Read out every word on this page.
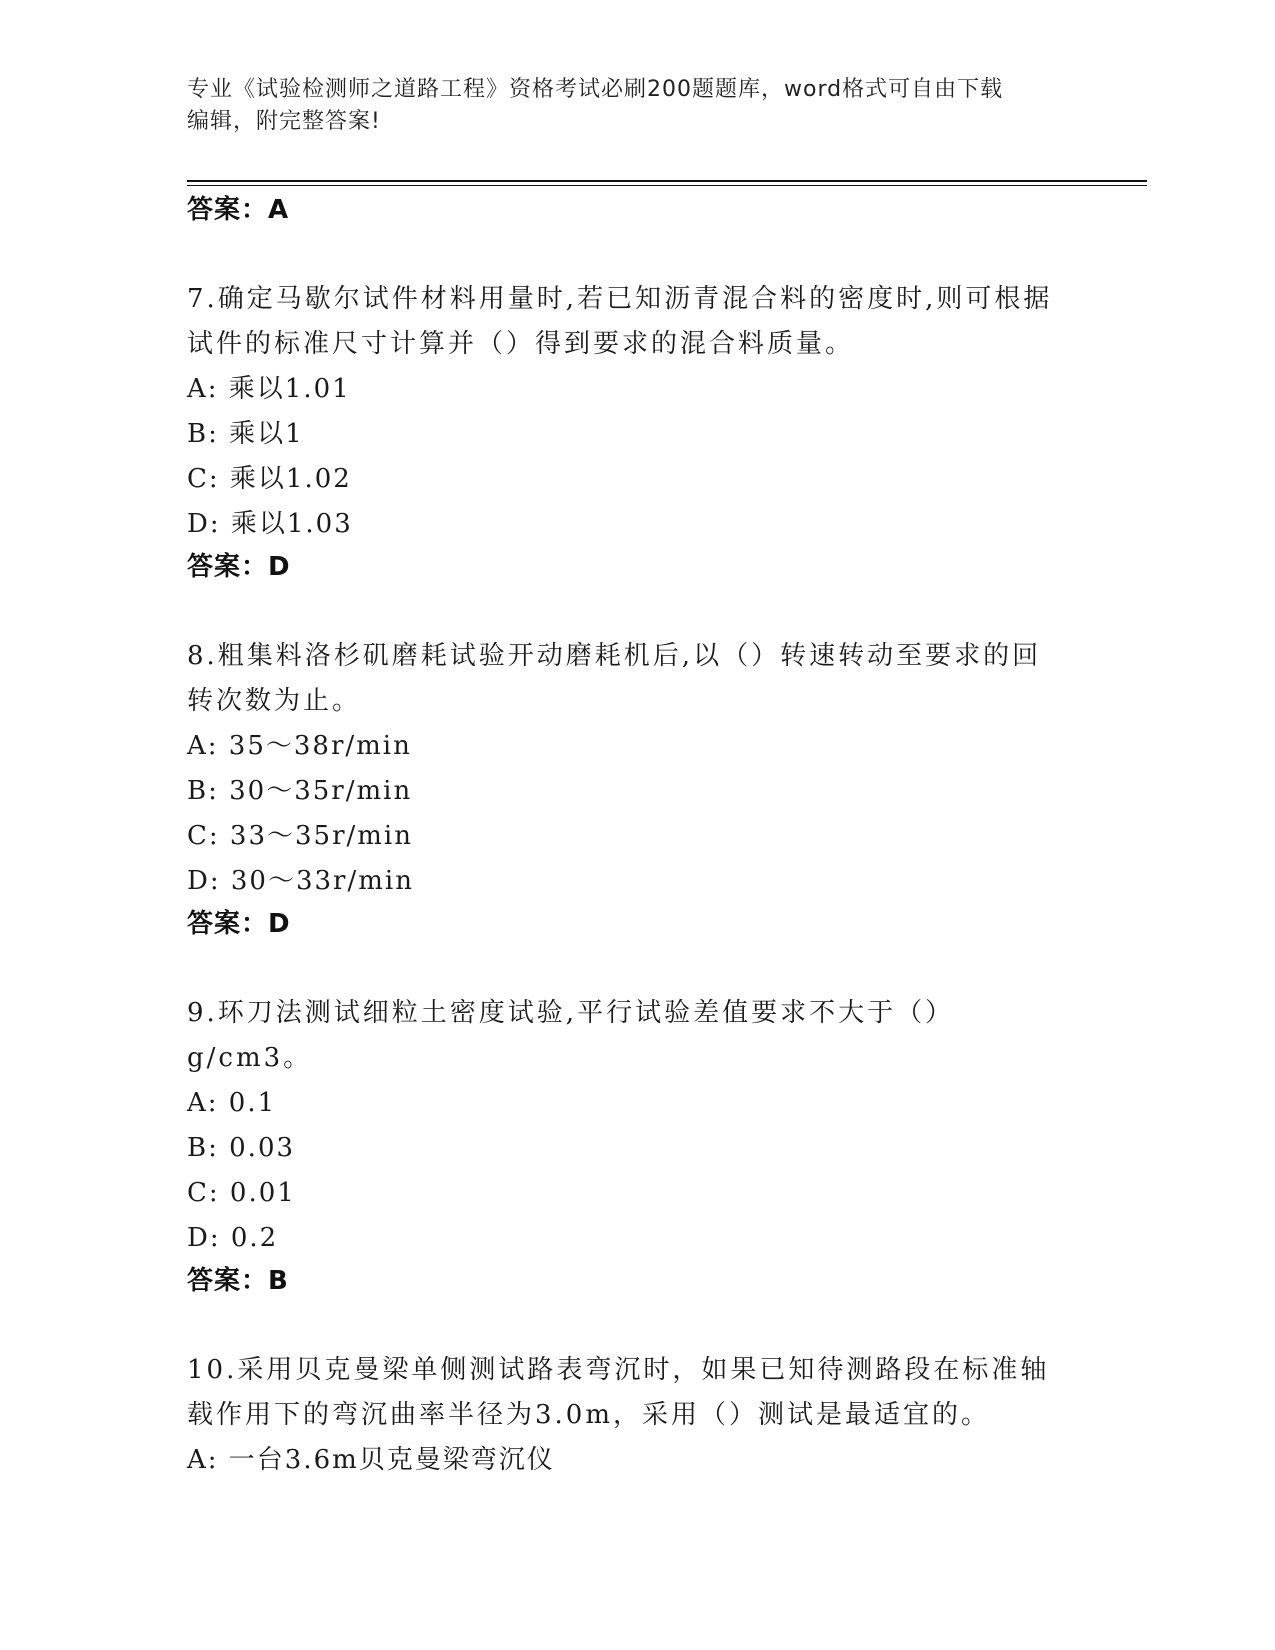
专业《试验检测师之道路工程》资格考试必刷200题题库，word格式可自由下载
编辑，附完整答案!

答案：A

7.确定马歇尔试件材料用量时,若已知沥青混合料的密度时,则可根据试件的标准尺寸计算并（）得到要求的混合料质量。

A: 乘以1.01

B: 乘以1

C: 乘以1.02

D: 乘以1.03

答案：D

8.粗集料洛杉矶磨耗试验开动磨耗机后,以（）转速转动至要求的回转次数为止。

A: 35～38r/min

B: 30～35r/min

C: 33～35r/min

D: 30～33r/min

答案：D

9.环刀法测试细粒土密度试验,平行试验差值要求不大于（）g/cm3。

A: 0.1

B: 0.03

C: 0.01

D: 0.2

答案：B

10.采用贝克曼梁单侧测试路表弯沉时，如果已知待测路段在标准轴载作用下的弯沉曲率半径为3.0m，采用（）测试是最适宜的。

A: 一台3.6m贝克曼梁弯沉仪
